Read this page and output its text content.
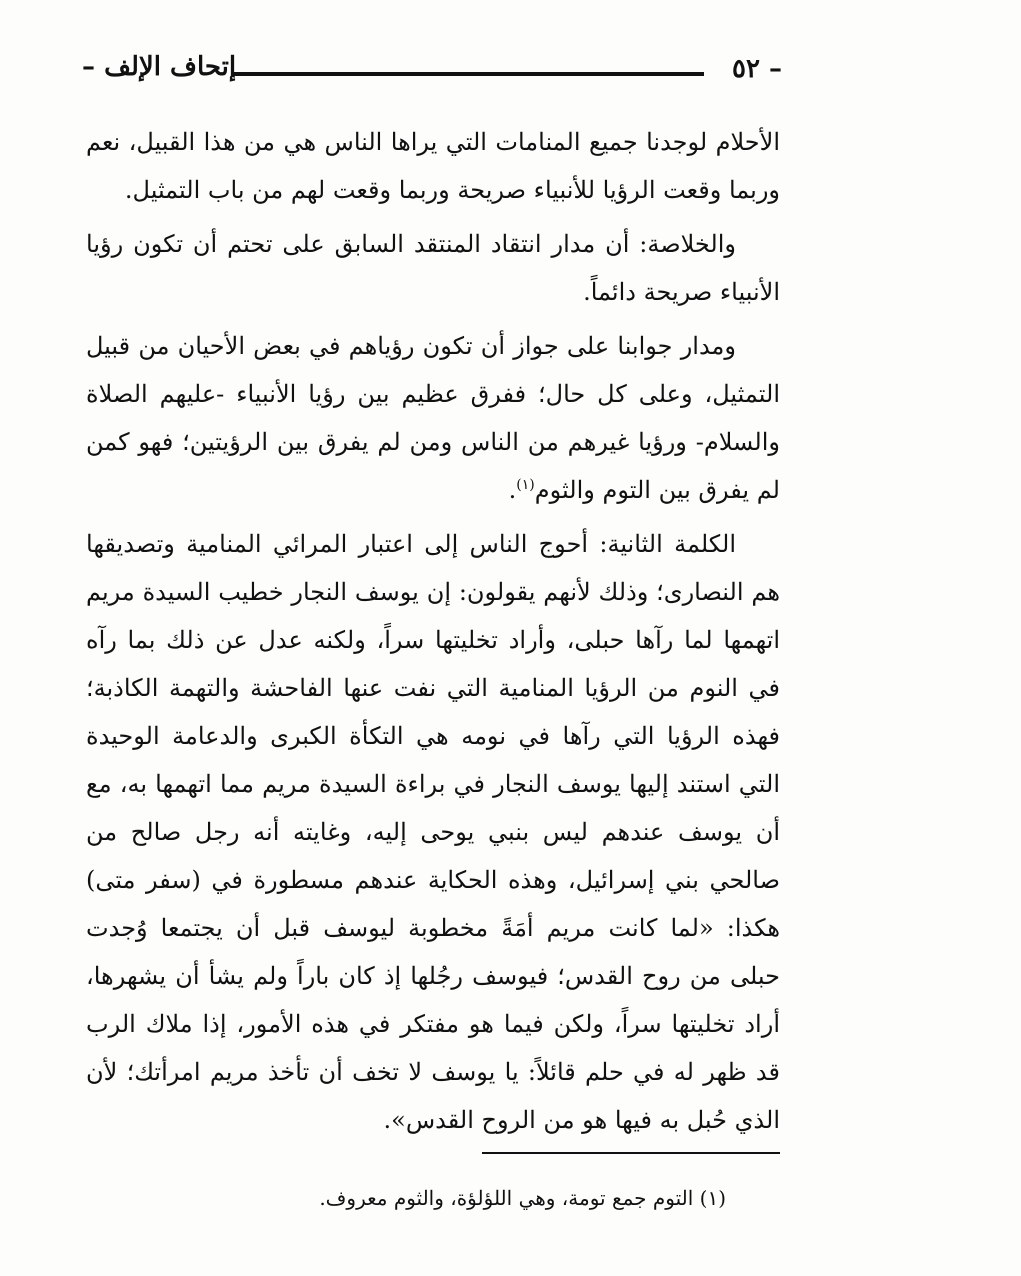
– ٥٢
إتحاف الإلف –

الأحلام لوجدنا جميع المنامات التي يراها الناس هي من هذا القبيل، نعم وربما وقعت الرؤيا للأنبياء صريحة وربما وقعت لهم من باب التمثيل.

والخلاصة: أن مدار انتقاد المنتقد السابق على تحتم أن تكون رؤيا الأنبياء صريحة دائماً.

ومدار جوابنا على جواز أن تكون رؤياهم في بعض الأحيان من قبيل التمثيل، وعلى كل حال؛ ففرق عظيم بين رؤيا الأنبياء -عليهم الصلاة والسلام- ورؤيا غيرهم من الناس ومن لم يفرق بين الرؤيتين؛ فهو كمن لم يفرق بين التوم والثوم$^{(١)}$.

الكلمة الثانية: أحوج الناس إلى اعتبار المرائي المنامية وتصديقها هم النصارى؛ وذلك لأنهم يقولون: إن يوسف النجار خطيب السيدة مريم اتهمها لما رآها حبلى، وأراد تخليتها سراً، ولكنه عدل عن ذلك بما رآه في النوم من الرؤيا المنامية التي نفت عنها الفاحشة والتهمة الكاذبة؛ فهذه الرؤيا التي رآها في نومه هي التكأة الكبرى والدعامة الوحيدة التي استند إليها يوسف النجار في براءة السيدة مريم مما اتهمها به، مع أن يوسف عندهم ليس بنبي يوحى إليه، وغايته أنه رجل صالح من صالحي بني إسرائيل، وهذه الحكاية عندهم مسطورة في (سفر متى) هكذا: «لما كانت مريم أمَةً مخطوبة ليوسف قبل أن يجتمعا وُجدت حبلى من روح القدس؛ فيوسف رجُلها إذ كان باراً ولم يشأ أن يشهرها، أراد تخليتها سراً، ولكن فيما هو مفتكر في هذه الأمور، إذا ملاك الرب قد ظهر له في حلم قائلاً: يا يوسف لا تخف أن تأخذ مريم امرأتك؛ لأن الذي حُبل به فيها هو من الروح القدس».

(١) التوم جمع تومة، وهي اللؤلؤة، والثوم معروف.
